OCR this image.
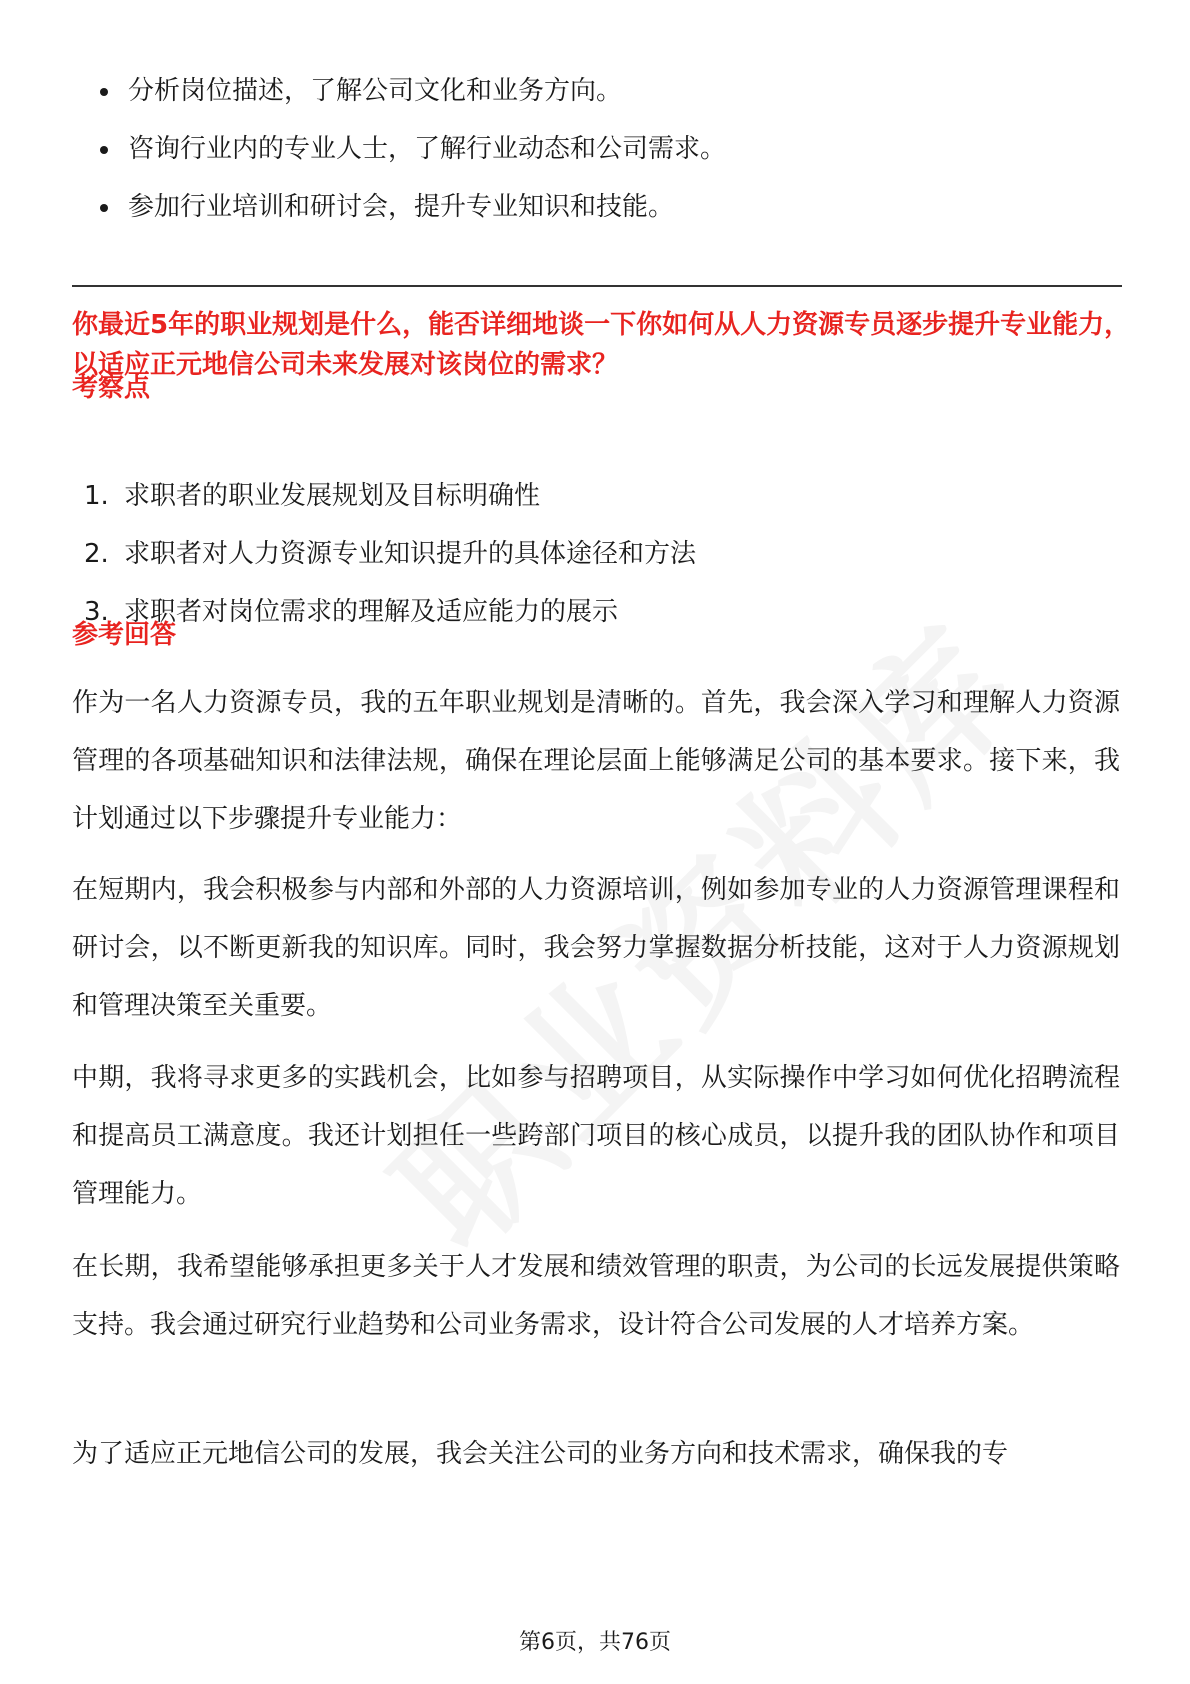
分析岗位描述，了解公司文化和业务方向。
咨询行业内的专业人士，了解行业动态和公司需求。
参加行业培训和研讨会，提升专业知识和技能。
你最近5年的职业规划是什么，能否详细地谈一下你如何从人力资源专员逐步提升专业能力，以适应正元地信公司未来发展对该岗位的需求？
考察点
1. 求职者的职业发展规划及目标明确性
2. 求职者对人力资源专业知识提升的具体途径和方法
3. 求职者对岗位需求的理解及适应能力的展示
参考回答

作为一名人力资源专员，我的五年职业规划是清晰的。首先，我会深入学习和理解人力资源管理的各项基础知识和法律法规，确保在理论层面上能够满足公司的基本要求。接下来，我计划通过以下步骤提升专业能力：

在短期内，我会积极参与内部和外部的人力资源培训，例如参加专业的人力资源管理课程和研讨会，以不断更新我的知识库。同时，我会努力掌握数据分析技能，这对于人力资源规划和管理决策至关重要。

中期，我将寻求更多的实践机会，比如参与招聘项目，从实际操作中学习如何优化招聘流程和提高员工满意度。我还计划担任一些跨部门项目的核心成员，以提升我的团队协作和项目管理能力。

在长期，我希望能够承担更多关于人才发展和绩效管理的职责，为公司的长远发展提供策略支持。我会通过研究行业趋势和公司业务需求，设计符合公司发展的人才培养方案。

为了适应正元地信公司的发展，我会关注公司的业务方向和技术需求，确保我的专

第6页，共76页
